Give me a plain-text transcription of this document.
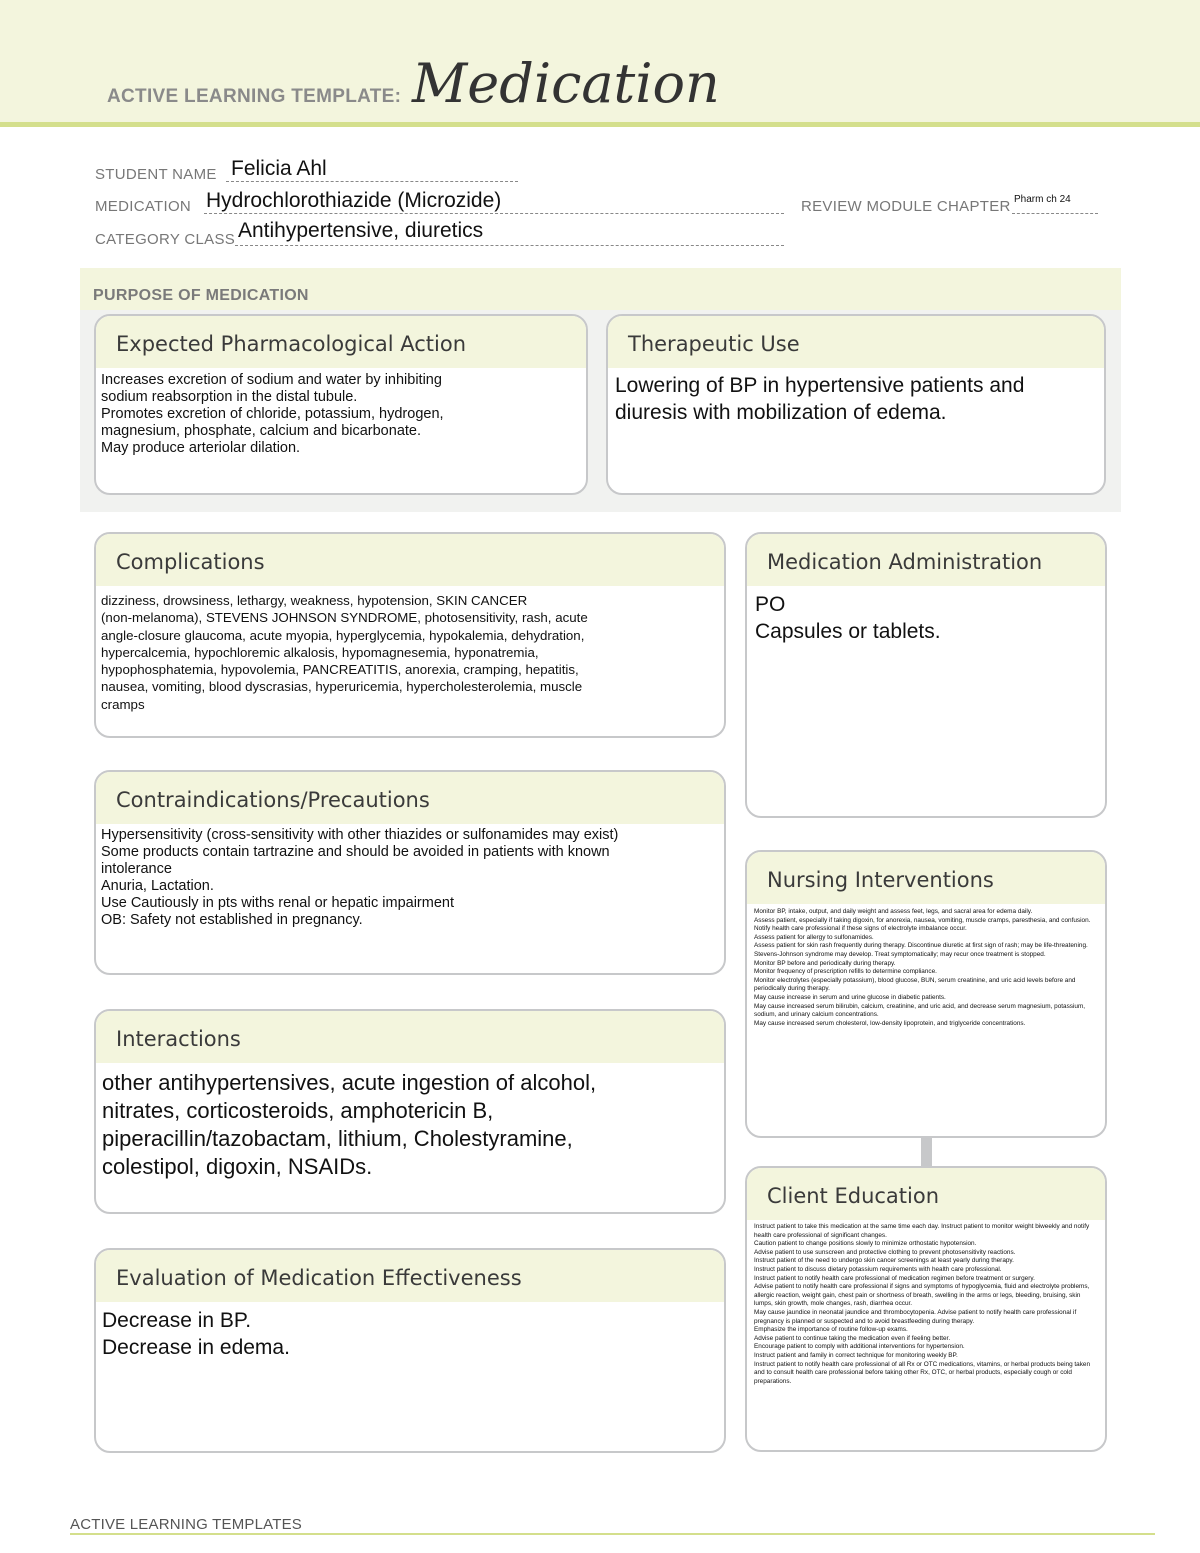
ACTIVE LEARNING TEMPLATE: Medication
STUDENT NAME Felicia Ahl
MEDICATION Hydrochlorothiazide (Microzide)	REVIEW MODULE CHAPTER Pharm ch 24
CATEGORY CLASS Antihypertensive, diuretics
PURPOSE OF MEDICATION
Expected Pharmacological Action
Increases excretion of sodium and water by inhibiting
sodium reabsorption in the distal tubule.
Promotes excretion of chloride, potassium, hydrogen,
magnesium, phosphate, calcium and bicarbonate.
May produce arteriolar dilation.
Therapeutic Use
Lowering of BP in hypertensive patients and
diuresis with mobilization of edema.
Complications
dizziness, drowsiness, lethargy, weakness, hypotension, SKIN CANCER
(non-melanoma), STEVENS JOHNSON SYNDROME, photosensitivity, rash, acute
angle-closure glaucoma, acute myopia, hyperglycemia, hypokalemia, dehydration,
hypercalcemia, hypochloremic alkalosis, hypomagnesemia, hyponatremia,
hypophosphatemia, hypovolemia, PANCREATITIS, anorexia, cramping, hepatitis,
nausea, vomiting, blood dyscrasias, hyperuricemia, hypercholesterolemia, muscle
cramps
Medication Administration
PO
Capsules or tablets.
Contraindications/Precautions
Hypersensitivity (cross-sensitivity with other thiazides or sulfonamides may exist)
Some products contain tartrazine and should be avoided in patients with known
intolerance
Anuria, Lactation.
Use Cautiously in pts withs renal or hepatic impairment
OB: Safety not established in pregnancy.
Nursing Interventions
Monitor BP, intake, output, and daily weight and assess feet, legs, and sacral area for edema daily.
Assess patient, especially if taking digoxin, for anorexia, nausea, vomiting, muscle cramps, paresthesia, and confusion. Notify health care professional if these signs of electrolyte imbalance occur.
Assess patient for allergy to sulfonamides.
Assess patient for skin rash frequently during therapy. Discontinue diuretic at first sign of rash; may be life-threatening. Stevens-Johnson syndrome may develop. Treat symptomatically; may recur once treatment is stopped.
Monitor BP before and periodically during therapy.
Monitor frequency of prescription refills to determine compliance.
Monitor electrolytes (especially potassium), blood glucose, BUN, serum creatinine, and uric acid levels before and periodically during therapy.
May cause increase in serum and urine glucose in diabetic patients.
May cause increased serum bilirubin, calcium, creatinine, and uric acid, and decrease serum magnesium, potassium, sodium, and urinary calcium concentrations.
May cause increased serum cholesterol, low-density lipoprotein, and triglyceride concentrations.
Interactions
other antihypertensives, acute ingestion of alcohol,
nitrates, corticosteroids, amphotericin B,
piperacillin/tazobactam, lithium, Cholestyramine,
colestipol, digoxin, NSAIDs.
Client Education
Instruct patient to take this medication at the same time each day. Instruct patient to monitor weight biweekly and notify health care professional of significant changes.
Caution patient to change positions slowly to minimize orthostatic hypotension.
Advise patient to use sunscreen and protective clothing to prevent photosensitivity reactions.
Instruct patient of the need to undergo skin cancer screenings at least yearly during therapy.
Instruct patient to discuss dietary potassium requirements with health care professional.
Instruct patient to notify health care professional of medication regimen before treatment or surgery.
Advise patient to notify health care professional if signs and symptoms of hypoglycemia, fluid and electrolyte problems, allergic reaction, weight gain, chest pain or shortness of breath, swelling in the arms or legs, bleeding, bruising, skin lumps, skin growth, mole changes, rash, diarrhea occur.
May cause jaundice in neonatal jaundice and thrombocytopenia. Advise patient to notify health care professional if pregnancy is planned or suspected and to avoid breastfeeding during therapy.
Emphasize the importance of routine follow-up exams.
Advise patient to continue taking the medication even if feeling better.
Encourage patient to comply with additional interventions for hypertension.
Instruct patient and family in correct technique for monitoring weekly BP.
Instruct patient to notify health care professional of all Rx or OTC medications, vitamins, or herbal products being taken and to consult health care professional before taking other Rx, OTC, or herbal products, especially cough or cold preparations.
Evaluation of Medication Effectiveness
Decrease in BP.
Decrease in edema.
ACTIVE LEARNING TEMPLATES
